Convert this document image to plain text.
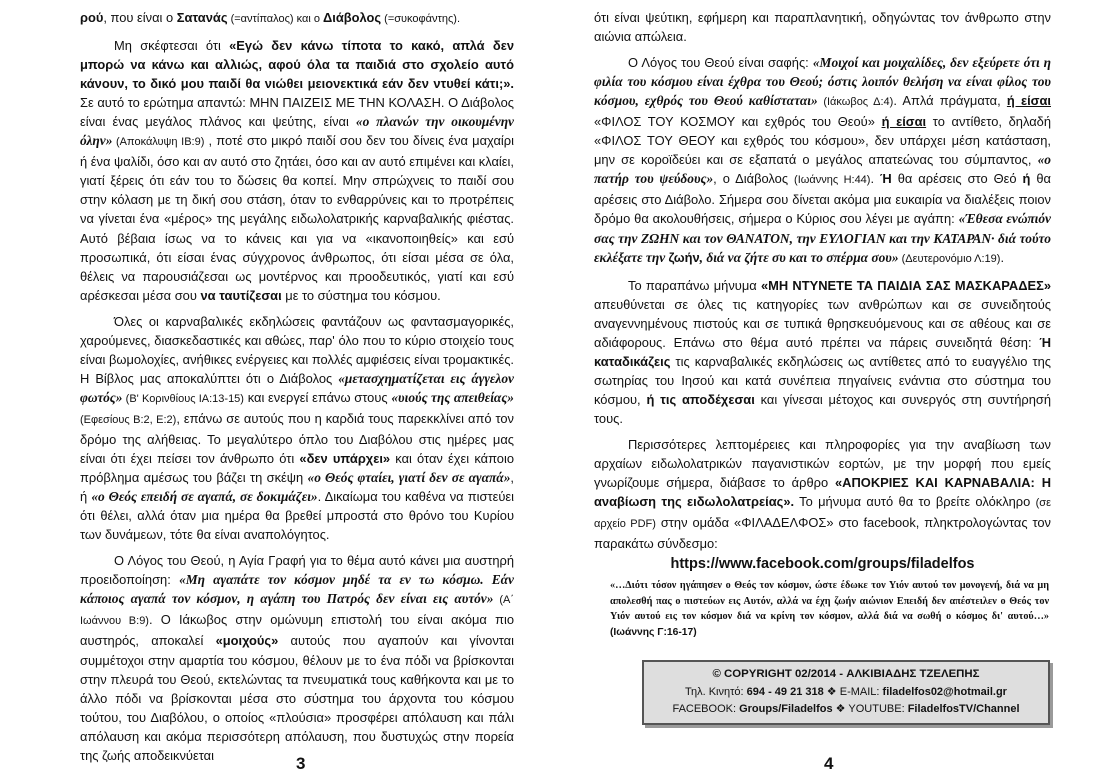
ρού, που είναι ο Σατανάς (=αντίπαλος) και ο Διάβολος (=συκοφάντης).

Μη σκέφτεσαι ότι «Εγώ δεν κάνω τίποτα το κακό, απλά δεν μπορώ να κάνω και αλλιώς, αφού όλα τα παιδιά στο σχολείο αυτό κάνουν, το δικό μου παιδί θα νιώθει μειονεκτικά εάν δεν ντυθεί κάτι;». Σε αυτό το ερώτημα απαντώ: ΜΗΝ ΠΑΙΖΕΙΣ ΜΕ ΤΗΝ ΚΟΛΑΣΗ. Ο Διάβολος είναι ένας μεγάλος πλάνος και ψεύτης, είναι «ο πλανών την οικουμένην όλην» (Αποκάλυψη ΙΒ:9) , ποτέ στο μικρό παιδί σου δεν του δίνεις ένα μαχαίρι ή ένα ψαλίδι, όσο και αν αυτό στο ζητάει, όσο και αν αυτό επιμένει και κλαίει, γιατί ξέρεις ότι εάν του το δώσεις θα κοπεί. Μην σπρώχνεις το παιδί σου στην κόλαση με τη δική σου στάση, όταν το ενθαρρύνεις και το προτρέπεις να γίνεται ένα «μέρος» της μεγάλης ειδωλολατρικής καρναβαλικής φιέστας. Αυτό βέβαια ίσως να το κάνεις και για να «ικανοποιηθείς» και εσύ προσωπικά, ότι είσαι ένας σύγχρονος άνθρωπος, ότι είσαι μέσα σε όλα, θέλεις να παρουσιάζεσαι ως μοντέρνος και προοδευτικός, γιατί και εσύ αρέσκεσαι μέσα σου να ταυτίζεσαι με το σύστημα του κόσμου.

Όλες οι καρναβαλικές εκδηλώσεις φαντάζουν ως φαντασμαγορικές, χαρούμενες, διασκεδαστικές και αθώες, παρ' όλο που το κύριο στοιχείο τους είναι βωμολοχίες, ανήθικες ενέργειες και πολλές αμφιέσεις είναι τρομακτικές. Η Βίβλος μας αποκαλύπτει ότι ο Διάβολος «μετασχηματίζεται εις άγγελον φωτός» (Β' Κορινθίους ΙΑ:13-15) και ενεργεί επάνω στους «υιούς της απειθείας» (Εφεσίους Β:2, Ε:2), επάνω σε αυτούς που η καρδιά τους παρεκκλίνει από τον δρόμο της αλήθειας. Το μεγαλύτερο όπλο του Διαβόλου στις ημέρες μας είναι ότι έχει πείσει τον άνθρωπο ότι «δεν υπάρχει» και όταν έχει κάποιο πρόβλημα αμέσως του βάζει τη σκέψη «ο Θεός φταίει, γιατί δεν σε αγαπά», ή «ο Θεός επειδή σε αγαπά, σε δοκιμάζει». Δικαίωμα του καθένα να πιστεύει ότι θέλει, αλλά όταν μια ημέρα θα βρεθεί μπροστά στο θρόνο του Κυρίου των δυνάμεων, τότε θα είναι αναπολόγητος.

Ο Λόγος του Θεού, η Αγία Γραφή για το θέμα αυτό κάνει μια αυστηρή προειδοποίηση: «Μη αγαπάτε τον κόσμον μηδέ τα εν τω κόσμω. Εάν κάποιος αγαπά τον κόσμον, η αγάπη του Πατρός δεν είναι εις αυτόν» (Α΄ Ιωάννου Β:9). Ο Ιάκωβος στην ομώνυμη επιστολή του είναι ακόμα πιο αυστηρός, αποκαλεί «μοιχούς» αυτούς που αγαπούν και γίνονται συμμέτοχοι στην αμαρτία του κόσμου, θέλουν με το ένα πόδι να βρίσκονται στην πλευρά του Θεού, εκτελώντας τα πνευματικά τους καθήκοντα και με το άλλο πόδι να βρίσκονται μέσα στο σύστημα του άρχοντα του κόσμου τούτου, του Διαβόλου, ο οποίος «πλούσια» προσφέρει απόλαυση και πάλι απόλαυση και ακόμα περισσότερη απόλαυση, που δυστυχώς στην πορεία της ζωής αποδεικνύεται	3

ότι είναι ψεύτικη, εφήμερη και παραπλανητική, οδηγώντας τον άνθρωπο στην αιώνια απώλεια.

Ο Λόγος του Θεού είναι σαφής: «Μοιχοί και μοιχαλίδες, δεν εξεύρετε ότι η φιλία του κόσμου είναι έχθρα του Θεού; όστις λοιπόν θελήση να είναι φίλος του κόσμου, εχθρός του Θεού καθίσταται» (Ιάκωβος Δ:4). Απλά πράγματα, ή είσαι «ΦΙΛΟΣ ΤΟΥ ΚΟΣΜΟΥ και εχθρός του Θεού» ή είσαι το αντίθετο, δηλαδή «ΦΙΛΟΣ ΤΟΥ ΘΕΟΥ και εχθρός του κόσμου», δεν υπάρχει μέση κατάσταση, μην σε κοροϊδεύει και σε εξαπατά ο μεγάλος απατεώνας του σύμπαντος, «ο πατήρ του ψεύδους», ο Διάβολος (Ιωάννης Η:44). Ή θα αρέσεις στο Θεό ή θα αρέσεις στο Διάβολο. Σήμερα σου δίνεται ακόμα μια ευκαιρία να διαλέξεις ποιον δρόμο θα ακολουθήσεις, σήμερα ο Κύριος σου λέγει με αγάπη: «Έθεσα ενώπιόν σας την ΖΩΗΝ και τον ΘΑΝΑΤΟΝ, την ΕΥΛΟΓΙΑΝ και την ΚΑΤΑΡΑΝ· διά τούτο εκλέξατε την ζωήν, διά να ζήτε συ και το σπέρμα σου» (Δευτερονόμιο Λ:19).

Το παραπάνω μήνυμα «ΜΗ ΝΤΥΝΕΤΕ ΤΑ ΠΑΙΔΙΑ ΣΑΣ ΜΑΣΚΑΡΑΔΕΣ» απευθύνεται σε όλες τις κατηγορίες των ανθρώπων και σε συνειδητούς αναγεννημένους πιστούς και σε τυπικά θρησκευόμενους και σε αθέους και σε αδιάφορους. Επάνω στο θέμα αυτό πρέπει να πάρεις συνειδητά θέση: Ή καταδικάζεις τις καρναβαλικές εκδηλώσεις ως αντίθετες από το ευαγγέλιο της σωτηρίας του Ιησού και κατά συνέπεια πηγαίνεις ενάντια στο σύστημα του κόσμου, ή τις αποδέχεσαι και γίνεσαι μέτοχος και συνεργός στη συντήρησή τους.

Περισσότερες λεπτομέρειες και πληροφορίες για την αναβίωση των αρχαίων ειδωλολατρικών παγανιστικών εορτών, με την μορφή που εμείς γνωρίζουμε σήμερα, διάβασε το άρθρο «ΑΠΟΚΡΙΕΣ ΚΑΙ ΚΑΡΝΑΒΑΛΙΑ: Η αναβίωση της ειδωλολατρείας». Το μήνυμα αυτό θα το βρείτε ολόκληρο (σε αρχείο PDF) στην ομάδα «ΦΙΛΑΔΕΛΦΟΣ» στο facebook, πληκτρολογώντας τον παρακάτω σύνδεσμο:

https://www.facebook.com/groups/filadelfos
«…Διότι τόσον ηγάπησεν ο Θεός τον κόσμον, ώστε έδωκε τον Υιόν αυτού τον μονογενή, διά να μη απολεσθή πας ο πιστεύων εις Αυτόν, αλλά να έχη ζωήν αιώνιον Επειδή δεν απέστειλεν ο Θεός τον Υιόν αυτού εις τον κόσμον διά να κρίνη τον κόσμον, αλλά διά να σωθή ο κόσμος δι' αυτού…» (Ιωάννης Γ:16-17)
© COPYRIGHT 02/2014 - ΑΛΚΙΒΙΑΔΗΣ ΤΖΕΛΕΠΗΣ
Τηλ. Κινητό: 694 - 49 21 318 ❖ E-MAIL: filadelfos02@hotmail.gr
FACEBOOK: Groups/Filadelfos ❖ YOUTUBE: FiladelfosTV/Channel
4
